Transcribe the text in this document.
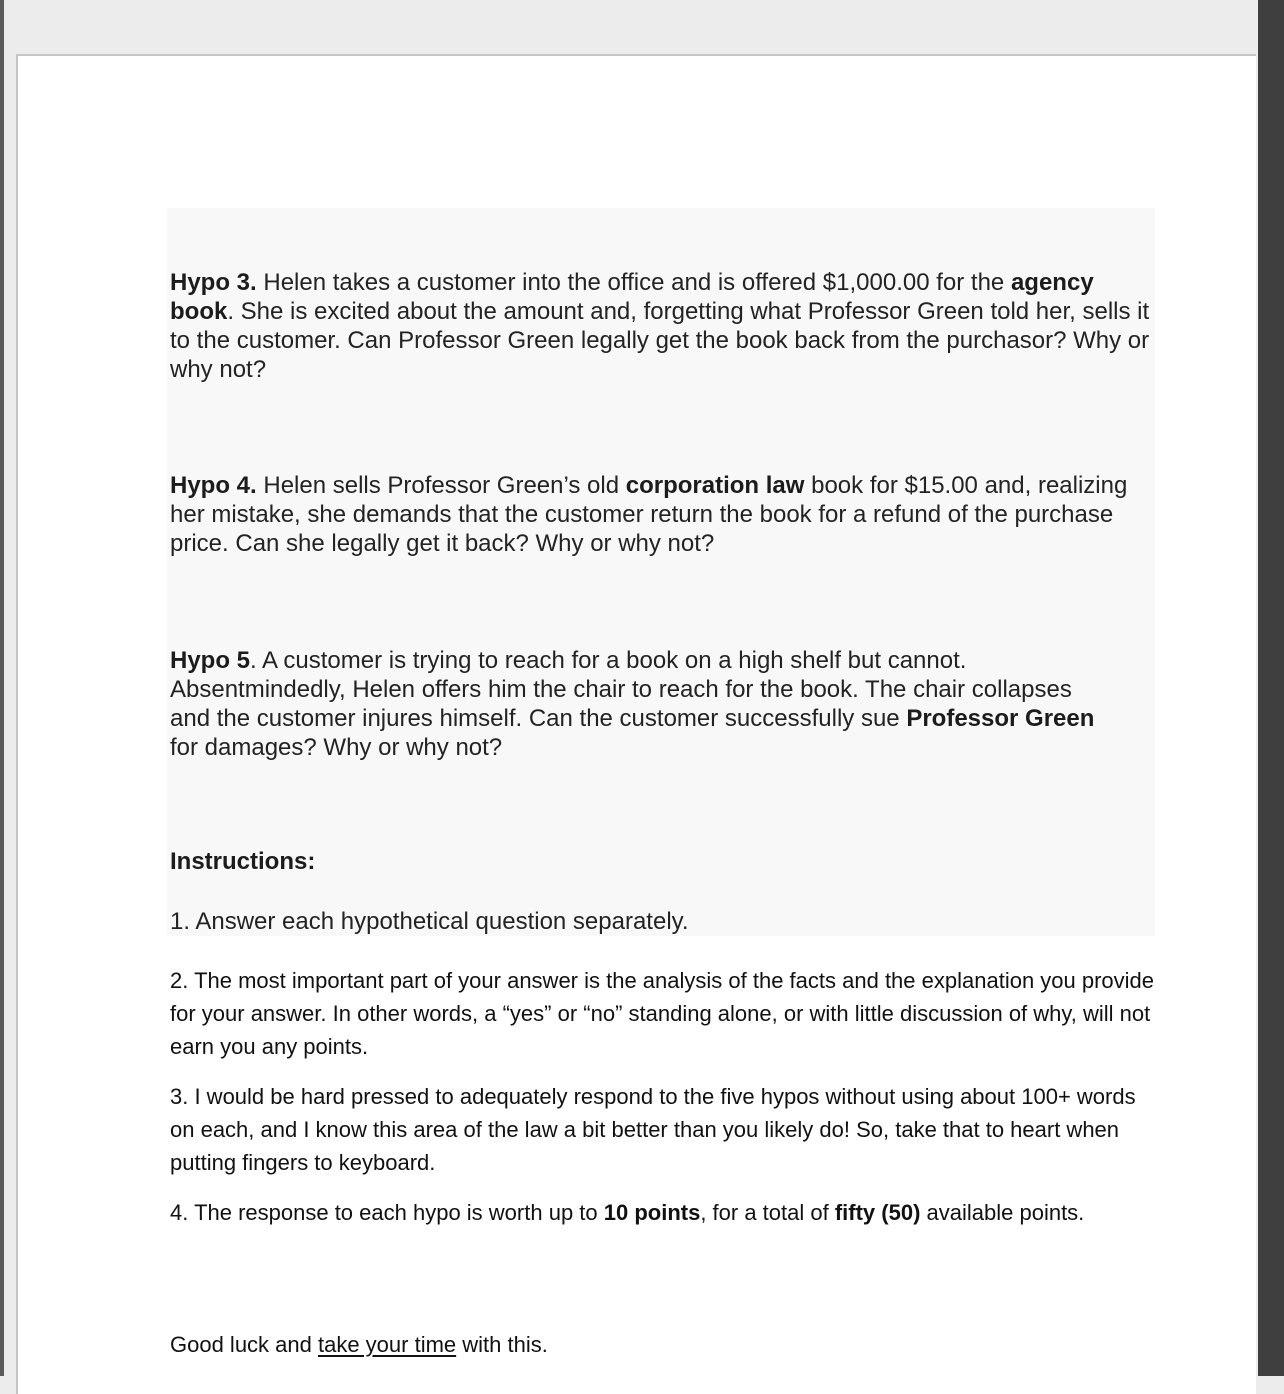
Hypo 3. Helen takes a customer into the office and is offered $1,000.00 for the agency book. She is excited about the amount and, forgetting what Professor Green told her, sells it to the customer. Can Professor Green legally get the book back from the purchasor? Why or why not?

Hypo 4. Helen sells Professor Green’s old corporation law book for $15.00 and, realizing her mistake, she demands that the customer return the book for a refund of the purchase price. Can she legally get it back? Why or why not?

Hypo 5. A customer is trying to reach for a book on a high shelf but cannot. Absentmindedly, Helen offers him the chair to reach for the book. The chair collapses and the customer injures himself. Can the customer successfully sue Professor Green for damages? Why or why not?

Instructions:

1. Answer each hypothetical question separately.

2. The most important part of your answer is the analysis of the facts and the explanation you provide for your answer. In other words, a “yes” or “no” standing alone, or with little discussion of why, will not earn you any points.

3. I would be hard pressed to adequately respond to the five hypos without using about 100+ words on each, and I know this area of the law a bit better than you likely do! So, take that to heart when putting fingers to keyboard.

4. The response to each hypo is worth up to 10 points, for a total of fifty (50) available points.

Good luck and take your time with this.
